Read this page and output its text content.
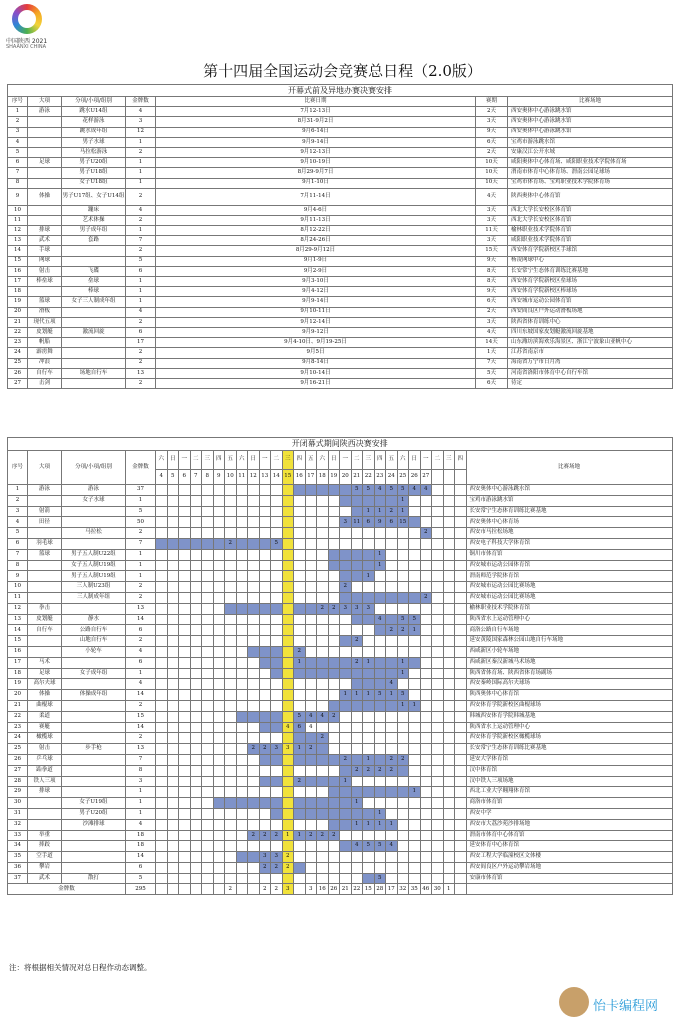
中国陕西 2021
SHAANXI CHINA
第十四届全国运动会竞赛总日程（2.0版）
开幕式前及异地办赛决赛安排						
序号	大项	分项/小项/组别	金牌数	比赛日期	赛期	比赛场地
1	游泳	跳水U14组	4	7月12-13日	2天	西安奥体中心游泳跳水馆
2		花样游泳	3	8月31-9月2日	3天	西安奥体中心游泳跳水馆
3		跳水成年组	12	9月6-14日	9天	西安奥体中心游泳跳水馆
4		男子水球	1	9月9-14日	6天	宝鸡市游泳跳水馆
5		马拉松游泳	2	9月12-13日	2天	安康汉江公开水域
6	足球	男子U20组	1	9月10-19日	10天	咸阳奥体中心体育场、咸阳职业技术学院体育场
7		男子U18组	1	8月29-9月7日	10天	渭南市体育中心体育场、渭南公园足球场
8		女子U18组	1	9月1-10日	10天	宝鸡市体育场、宝鸡职业技术学院体育场
9	体操	男子U17组、女子U14组	2	7月11-14日	4天	陕西奥体中心体育馆
10		蹦床	4	9月4-6日	3天	西北大学长安校区体育馆
11		艺术体操	2	9月11-13日	3天	西北大学长安校区体育馆
12	排球	男子成年组	1	8月12-22日	11天	榆林职业技术学院体育馆
13	武术	套路	7	8月24-26日	3天	咸阳职业技术学院体育馆
14	手球		2	8月29-9月12日	15天	西安体育学院新校区手球馆
15	网球		5	9月1-9日	9天	杨凌网球中心
16	射击	飞碟	6	9月2-9日	8天	长安常宁生态体育训练比赛基地
17	棒垒球	垒球	1	9月3-10日	8天	西安体育学院新校区垒球场
18		棒球	1	9月4-12日	9天	西安体育学院新校区棒球场
19	篮球	女子三人制成年组	1	9月9-14日	6天	西安城市运动公园体育馆
20	滑板		4	9月10-11日	2天	西安阎良区户外运动滑板场地
21	现代五项		2	9月12-14日	3天	陕西省体育训练中心
22	皮划艇	激流回旋	6	9月9-12日	4天	四川东坡国家皮划艇激流回旋基地
23	帆船		17	9月4-10日、9月19-25日	14天	山东潍坊滨海欢乐海景区、浙江宁波象山亚帆中心
24	霹雳舞		2	9月5日	1天	江苏省南京市
25	冲浪		2	9月8-14日	7天	海南省万宁市日月湾
26	自行车	场地自行车	13	9月10-14日	5天	河南省洛阳市体育中心自行车馆
27	击剑		2	9月16-21日	6天	待定
开闭幕式期间陕西决赛安排																															
序号	大项	分项/小项/组别	金牌数	六	日	一	二	三	四	五	六	日	一	二	三	四	五	六	日	一	二	三	四	五	六	日	一	二	三	四	比赛场地
				4	5	6	7	8	9	10	11	12	13	14	15	16	17	18	19	20	21	22	23	24	25	26	27				
1	游泳	游泳	37																		5	5	4	5	5	4	4				西安奥体中心游泳跳水馆
2		女子水球	1																						1						宝鸡市游泳跳水馆
3	射箭		5																			1	1	2	1						长安常宁生态体育训练比赛基地
4	田径		50																	3	11	6	9	6	15						西安奥体中心体育场
5		马拉松	2																								2				西安市马拉松场地
6	羽毛球		7							2				5																	西安电子科技大学体育馆
7	篮球	男子五人制U22组	1																				1								铜川市体育馆
8		女子五人制U19组	1																				1								西安城市运动公园体育馆
9		男子五人制U19组	1																			1									渭南师范学院体育馆
10		三人制U23组	2																	2											西安城市运动公园比赛场地
11		三人制成年组	2																								2				西安城市运动公园比赛场地
12	拳击		13															2	2	3	3	3									榆林职业技术学院体育馆
13	皮划艇	静水	14																				4		5	5					陕西省水上运动管理中心
14	自行车	公路自行车	6																					2	2	1					商洛公路自行车场地
15		山地自行车	2																		2										延安黄陵国家森林公园山地自行车场地
16		小轮车	4													2															西咸新区小轮车场地
17	马术		6													1					2	1			1						西咸新区秦汉新城马术场地
18	足球	女子成年组	1																						1						陕西省体育场、陕西省体育场副场
19	高尔夫球		4																					4							西安秦岭国际高尔夫球场
20	体操	体操成年组	14																	1	1	1	5	1	5						陕西奥体中心体育馆
21	曲棍球		2																						1	1					西安体育学院新校区曲棍球场
22	柔道		15													5	4	4	2												韩城西安体育学院韩城基地
23	赛艇		14												4	6	4														陕西省水上运动管理中心
24	橄榄球		2															2													西安体育学院新校区橄榄球场
25	射击	步手枪	13									2	2	3	3	1	2														长安常宁生态体育训练比赛基地
26	乒乓球		7																	2		1		2	2						延安大学体育馆
27	跆拳道		8																		2	2	2	2							汉中体育馆
28	铁人三项		3													2				1											汉中铁人三项场地
29	排球		1																							1					西北工业大学翱翔体育馆
30		女子U19组	1																		1										商洛市体育馆
31		男子U20组	1																				1								西安中学
32		沙滩排球	4																		1	1	1	1							西安市大荔沙苑沙排场地
33	举重		18									2	2	2	1	1	2	2	2												渭南市体育中心体育馆
34	摔跤		18																		4	5	5	4							延安体育中心体育馆
35	空手道		14										3	3	2																西安工程大学临潼校区文体楼
36	攀岩		6										2	2	2																西安阎良区户外运动攀岩场地
37	武术	散打	5																				5								安康市体育馆
金牌数			295							2			2	2	3		3	16	26	21	22	15	28	17	32	35	46	30	1		
注：将根据相关情况对总日程作动态调整。
怡卡编程网
